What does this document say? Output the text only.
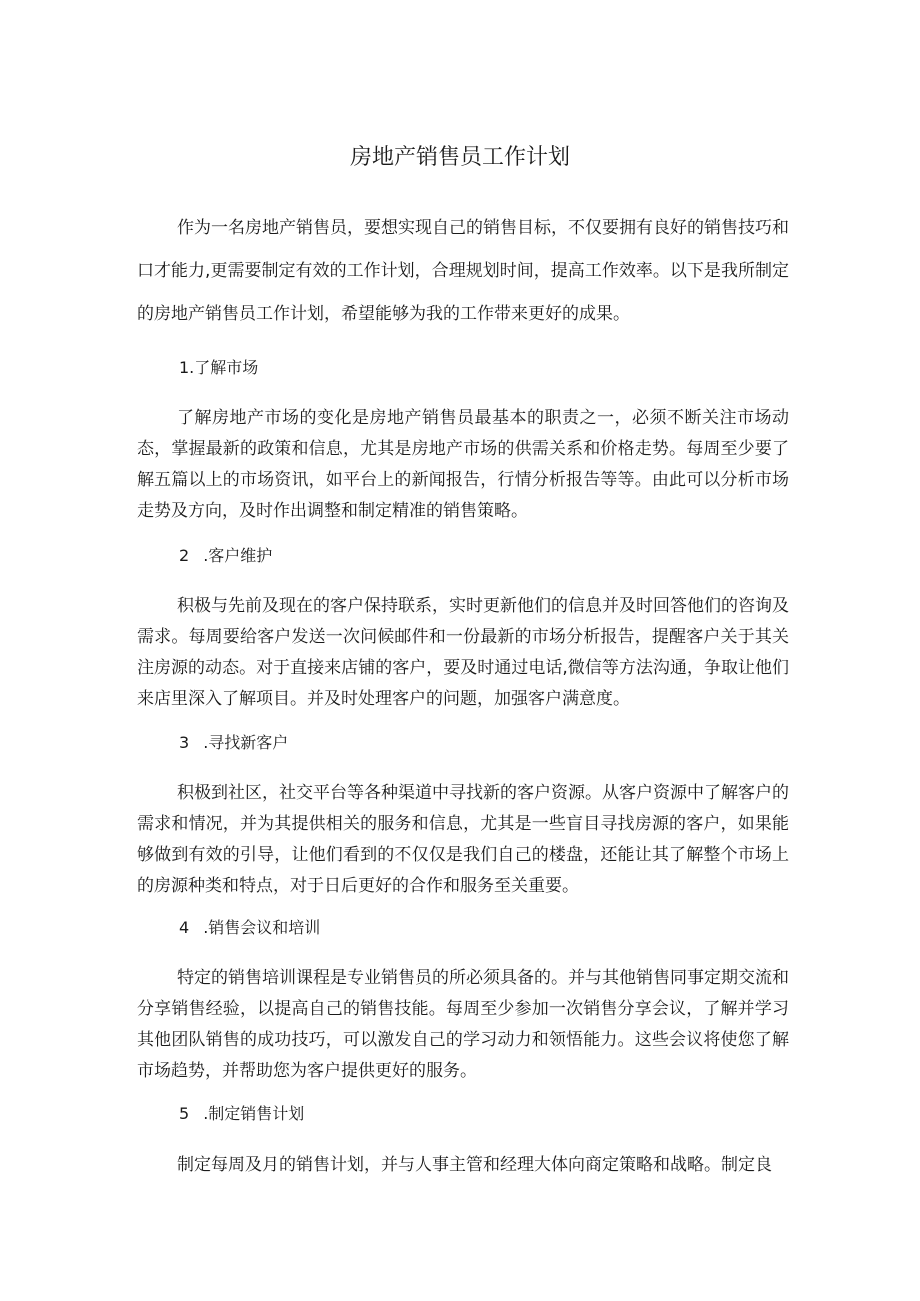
房地产销售员工作计划

作为一名房地产销售员，要想实现自己的销售目标，不仅要拥有良好的销售技巧和口才能力,更需要制定有效的工作计划，合理规划时间，提高工作效率。以下是我所制定的房地产销售员工作计划，希望能够为我的工作带来更好的成果。

1.了解市场

了解房地产市场的变化是房地产销售员最基本的职责之一，必须不断关注市场动态，掌握最新的政策和信息，尤其是房地产市场的供需关系和价格走势。每周至少要了解五篇以上的市场资讯，如平台上的新闻报告，行情分析报告等等。由此可以分析市场走势及方向，及时作出调整和制定精准的销售策略。

2 .客户维护

积极与先前及现在的客户保持联系，实时更新他们的信息并及时回答他们的咨询及需求。每周要给客户发送一次问候邮件和一份最新的市场分析报告，提醒客户关于其关注房源的动态。对于直接来店铺的客户，要及时通过电话,微信等方法沟通，争取让他们来店里深入了解项目。并及时处理客户的问题，加强客户满意度。

3 .寻找新客户

积极到社区，社交平台等各种渠道中寻找新的客户资源。从客户资源中了解客户的需求和情况，并为其提供相关的服务和信息，尤其是一些盲目寻找房源的客户，如果能够做到有效的引导，让他们看到的不仅仅是我们自己的楼盘，还能让其了解整个市场上的房源种类和特点，对于日后更好的合作和服务至关重要。

4 .销售会议和培训

特定的销售培训课程是专业销售员的所必须具备的。并与其他销售同事定期交流和分享销售经验，以提高自己的销售技能。每周至少参加一次销售分享会议，了解并学习其他团队销售的成功技巧，可以激发自己的学习动力和领悟能力。这些会议将使您了解市场趋势，并帮助您为客户提供更好的服务。

5 .制定销售计划

制定每周及月的销售计划，并与人事主管和经理大体向商定策略和战略。制定良
